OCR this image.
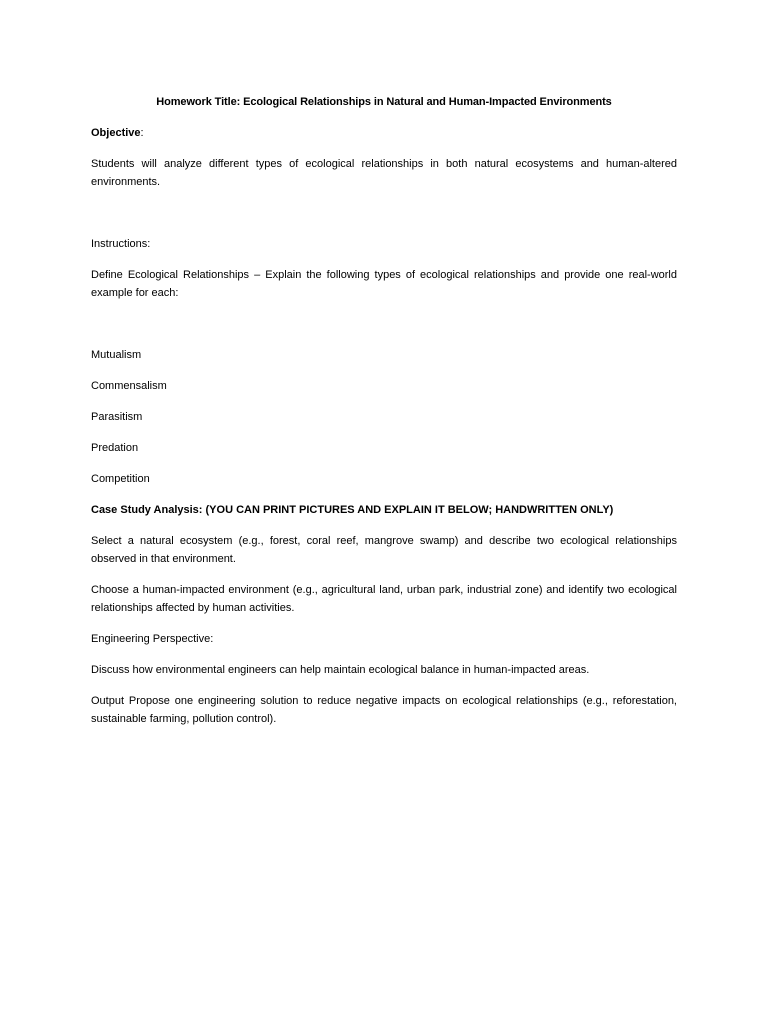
Homework Title: Ecological Relationships in Natural and Human-Impacted Environments

Objective:

Students will analyze different types of ecological relationships in both natural ecosystems and human-altered environments.

Instructions:

Define Ecological Relationships – Explain the following types of ecological relationships and provide one real-world example for each:

Mutualism

Commensalism

Parasitism

Predation

Competition

Case Study Analysis: (YOU CAN PRINT PICTURES AND EXPLAIN IT BELOW; HANDWRITTEN ONLY)

Select a natural ecosystem (e.g., forest, coral reef, mangrove swamp) and describe two ecological relationships observed in that environment.

Choose a human-impacted environment (e.g., agricultural land, urban park, industrial zone) and identify two ecological relationships affected by human activities.

Engineering Perspective:

Discuss how environmental engineers can help maintain ecological balance in human-impacted areas.

Output Propose one engineering solution to reduce negative impacts on ecological relationships (e.g., reforestation, sustainable farming, pollution control).
